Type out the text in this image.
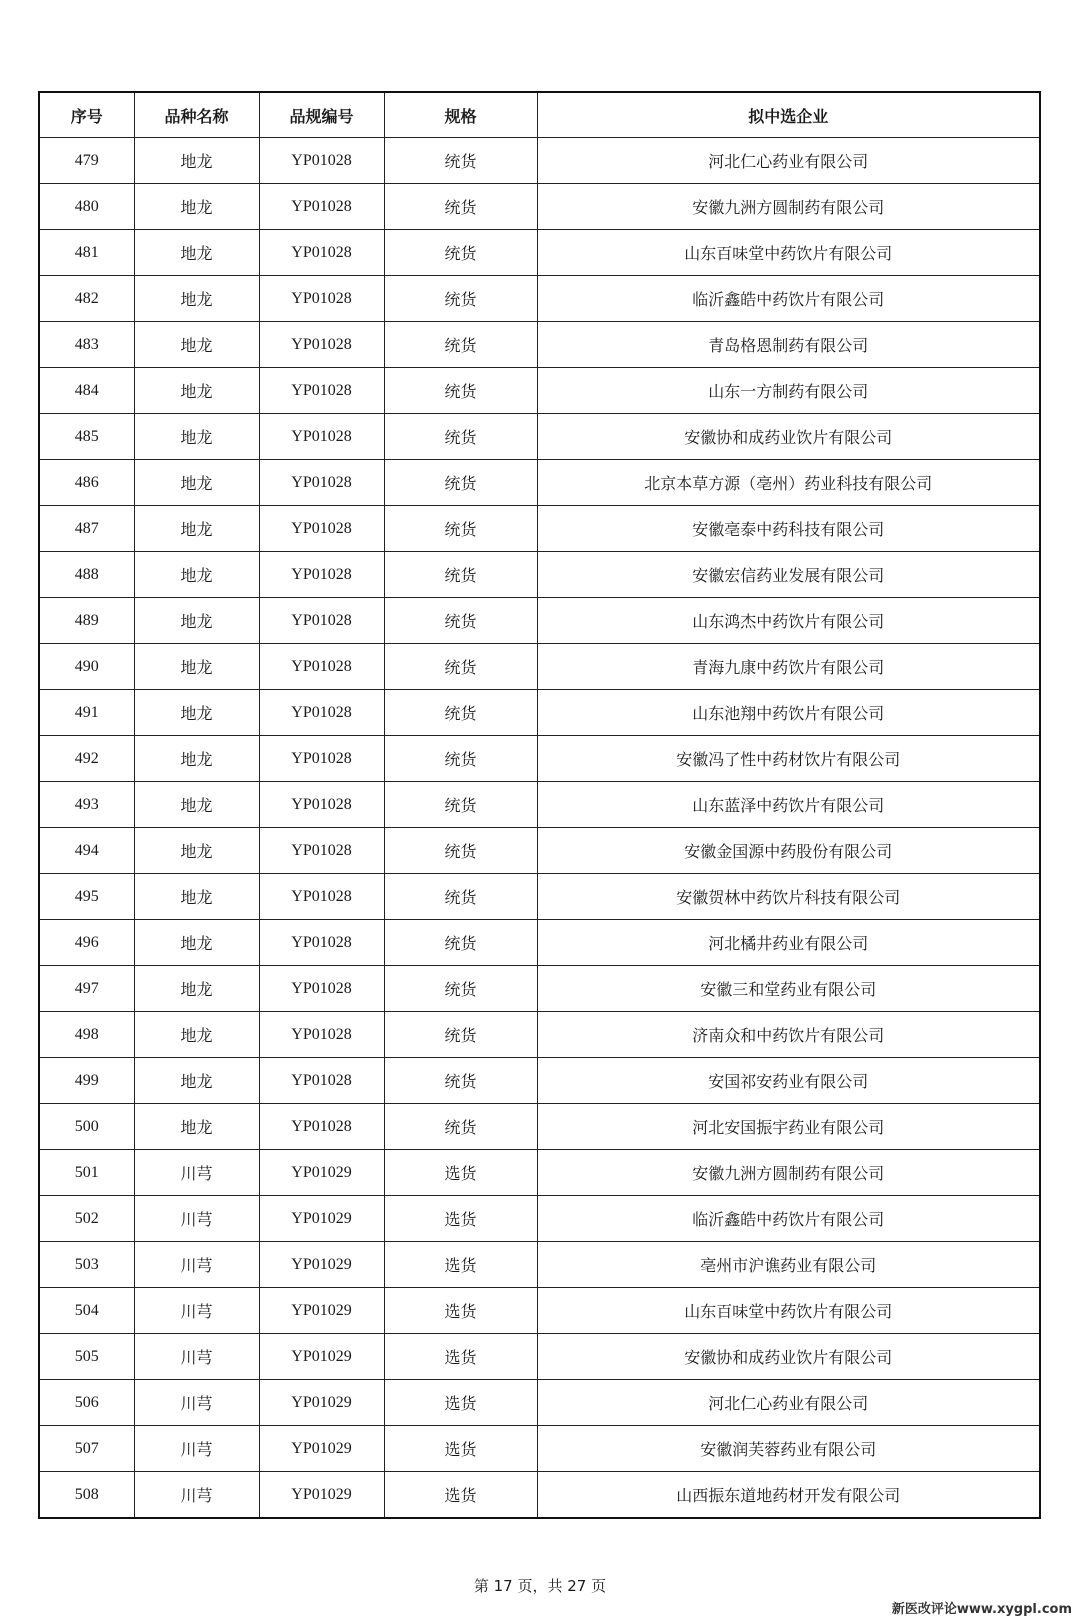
序号	品种名称	品规编号	规格	拟中选企业
479	地龙	YP01028	统货	河北仁心药业有限公司
480	地龙	YP01028	统货	安徽九洲方圆制药有限公司
481	地龙	YP01028	统货	山东百味堂中药饮片有限公司
482	地龙	YP01028	统货	临沂鑫皓中药饮片有限公司
483	地龙	YP01028	统货	青岛格恩制药有限公司
484	地龙	YP01028	统货	山东一方制药有限公司
485	地龙	YP01028	统货	安徽协和成药业饮片有限公司
486	地龙	YP01028	统货	北京本草方源（亳州）药业科技有限公司
487	地龙	YP01028	统货	安徽亳泰中药科技有限公司
488	地龙	YP01028	统货	安徽宏信药业发展有限公司
489	地龙	YP01028	统货	山东鸿杰中药饮片有限公司
490	地龙	YP01028	统货	青海九康中药饮片有限公司
491	地龙	YP01028	统货	山东池翔中药饮片有限公司
492	地龙	YP01028	统货	安徽冯了性中药材饮片有限公司
493	地龙	YP01028	统货	山东蓝泽中药饮片有限公司
494	地龙	YP01028	统货	安徽金国源中药股份有限公司
495	地龙	YP01028	统货	安徽贺林中药饮片科技有限公司
496	地龙	YP01028	统货	河北橘井药业有限公司
497	地龙	YP01028	统货	安徽三和堂药业有限公司
498	地龙	YP01028	统货	济南众和中药饮片有限公司
499	地龙	YP01028	统货	安国祁安药业有限公司
500	地龙	YP01028	统货	河北安国振宇药业有限公司
501	川芎	YP01029	选货	安徽九洲方圆制药有限公司
502	川芎	YP01029	选货	临沂鑫皓中药饮片有限公司
503	川芎	YP01029	选货	亳州市沪谯药业有限公司
504	川芎	YP01029	选货	山东百味堂中药饮片有限公司
505	川芎	YP01029	选货	安徽协和成药业饮片有限公司
506	川芎	YP01029	选货	河北仁心药业有限公司
507	川芎	YP01029	选货	安徽润芙蓉药业有限公司
508	川芎	YP01029	选货	山西振东道地药材开发有限公司
第 17 页，共 27 页
新医改评论www.xygpl.com
